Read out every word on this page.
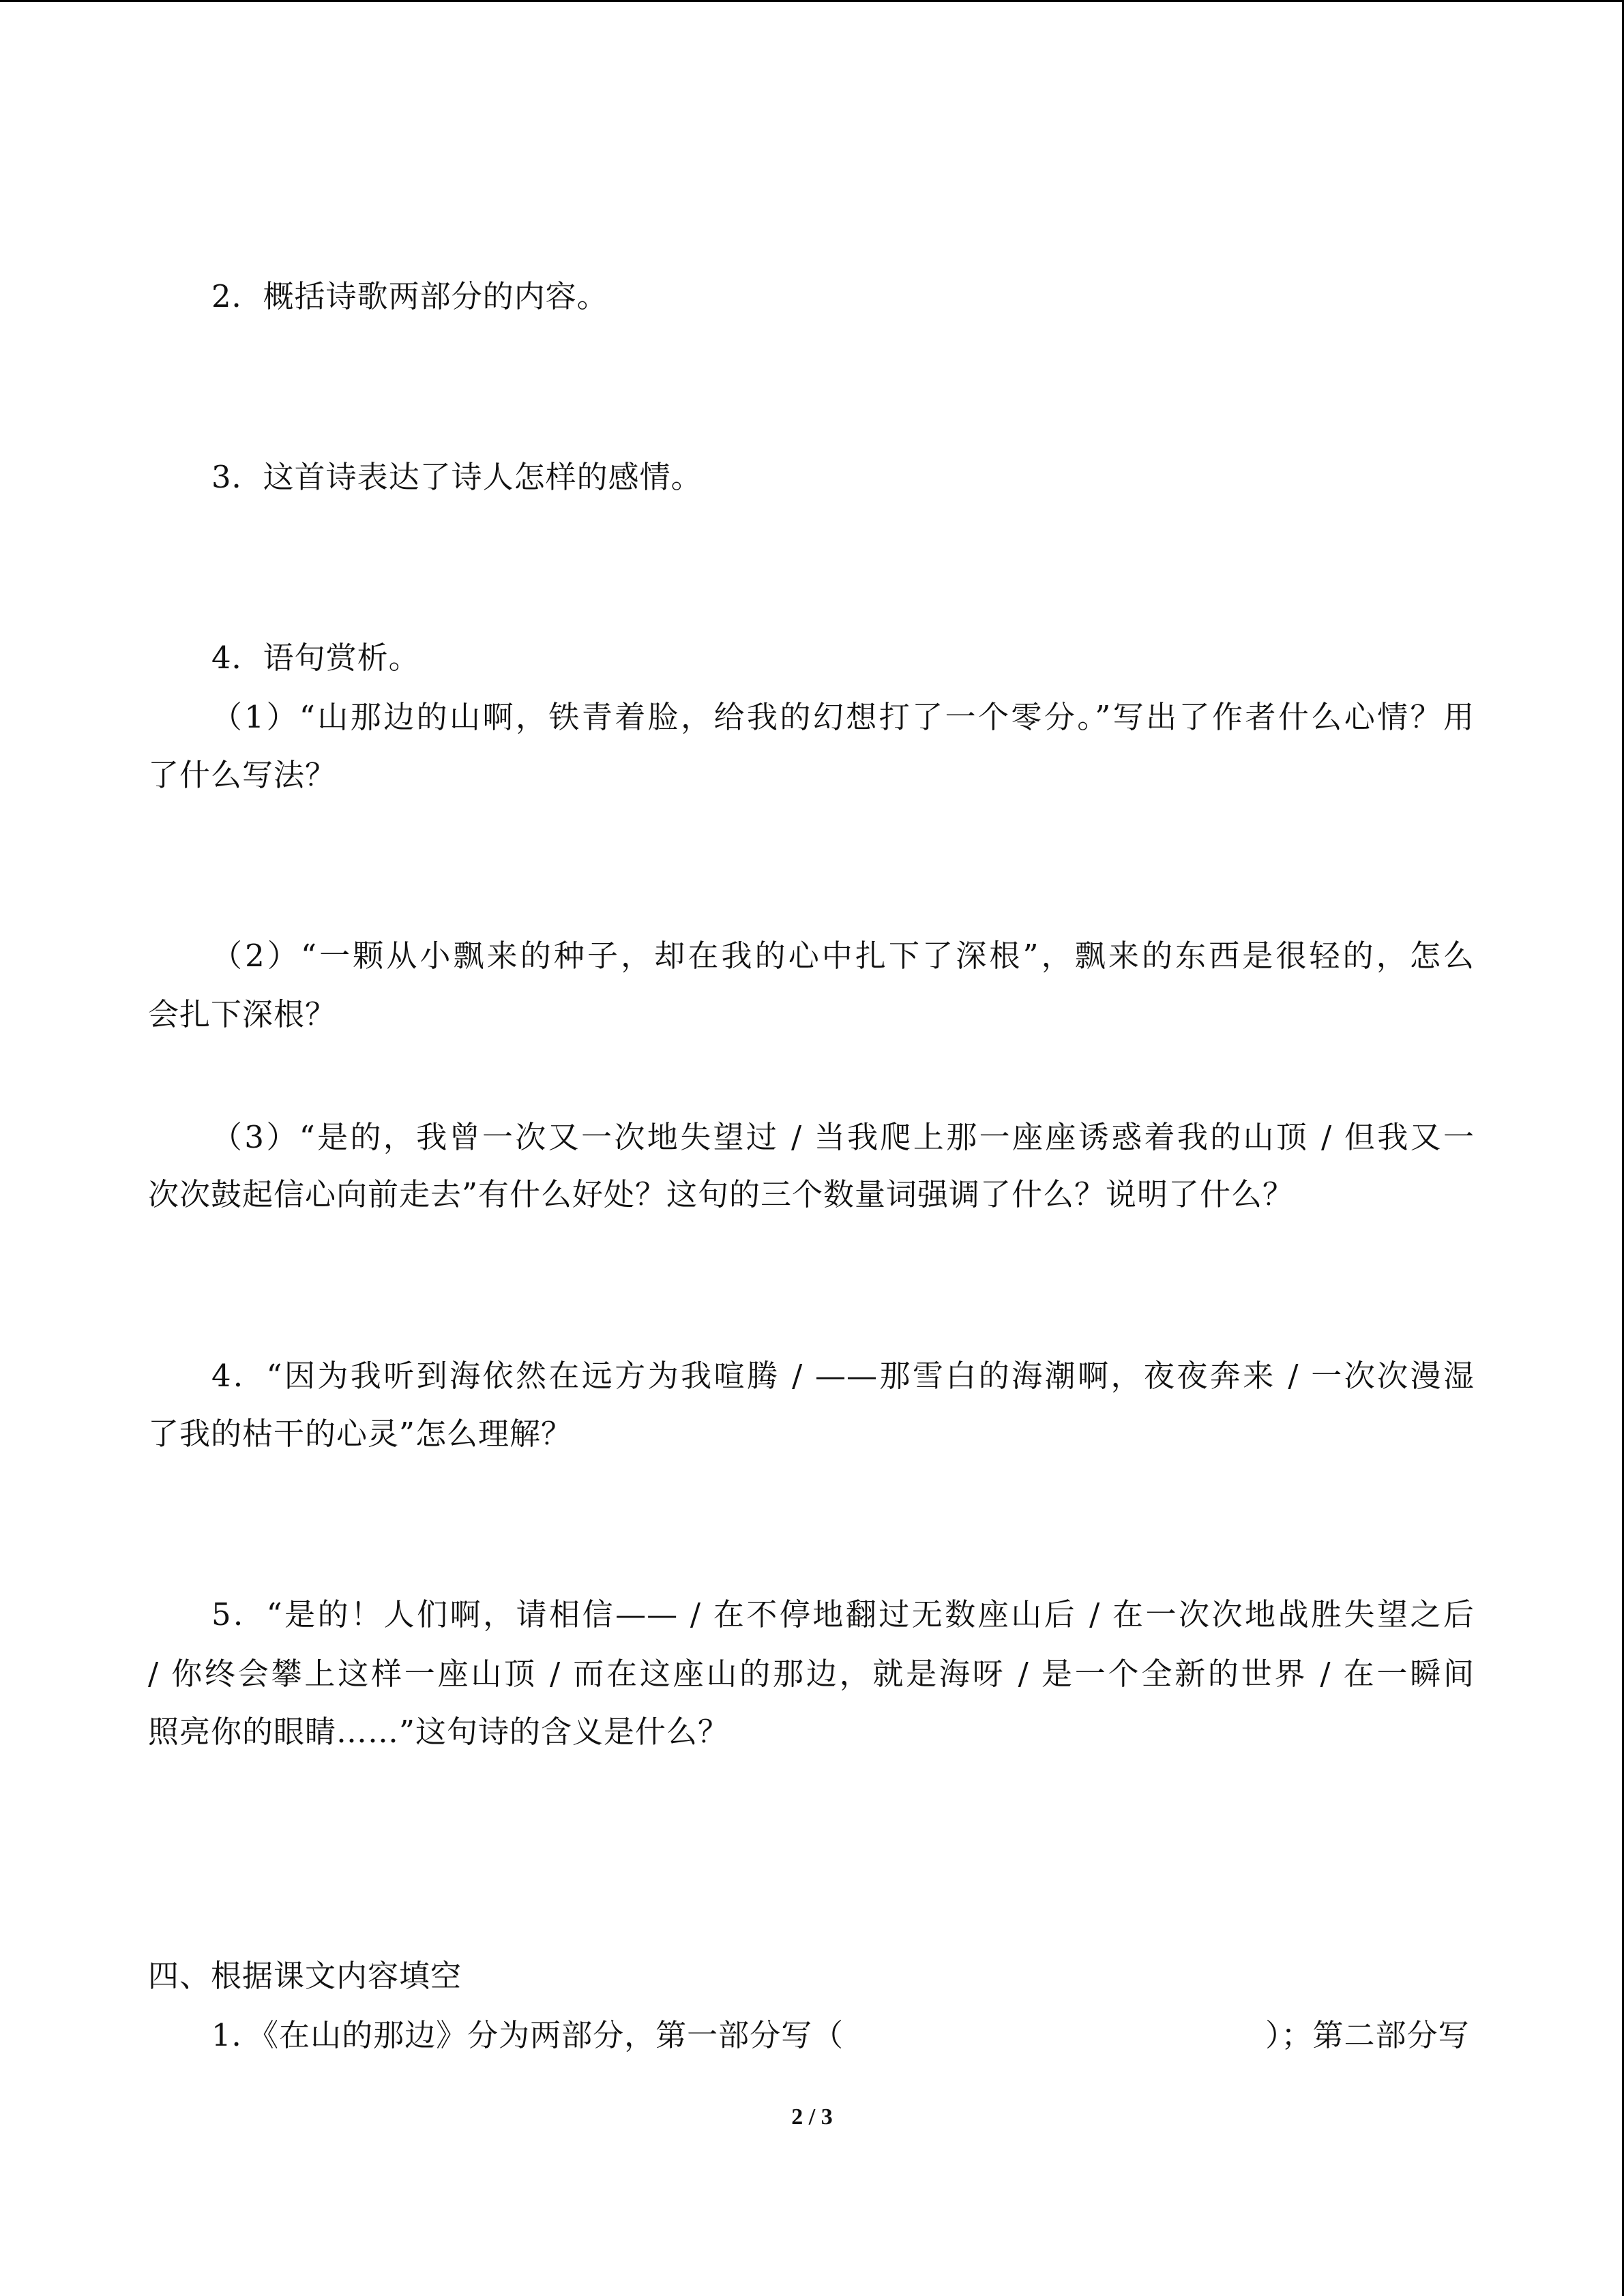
2．概括诗歌两部分的内容。
3．这首诗表达了诗人怎样的感情。
4．语句赏析。
（1）“山那边的山啊，铁青着脸，给我的幻想打了一个零分。”写出了作者什么心情？用
了什么写法？
（2）“一颗从小飘来的种子，却在我的心中扎下了深根”，飘来的东西是很轻的，怎么
会扎下深根？
（3）“是的，我曾一次又一次地失望过 / 当我爬上那一座座诱惑着我的山顶 / 但我又一
次次鼓起信心向前走去”有什么好处？这句的三个数量词强调了什么？说明了什么？
4．“因为我听到海依然在远方为我喧腾 / ——那雪白的海潮啊，夜夜奔来 / 一次次漫湿
了我的枯干的心灵”怎么理解？
5．“是的！人们啊，请相信—— / 在不停地翻过无数座山后 / 在一次次地战胜失望之后
/ 你终会攀上这样一座山顶 / 而在这座山的那边，就是海呀 / 是一个全新的世界 / 在一瞬间
照亮你的眼睛……”这句诗的含义是什么？
四、根据课文内容填空
1．《在山的那边》分为两部分，第一部分写（	）；第二部分写
2 / 3
